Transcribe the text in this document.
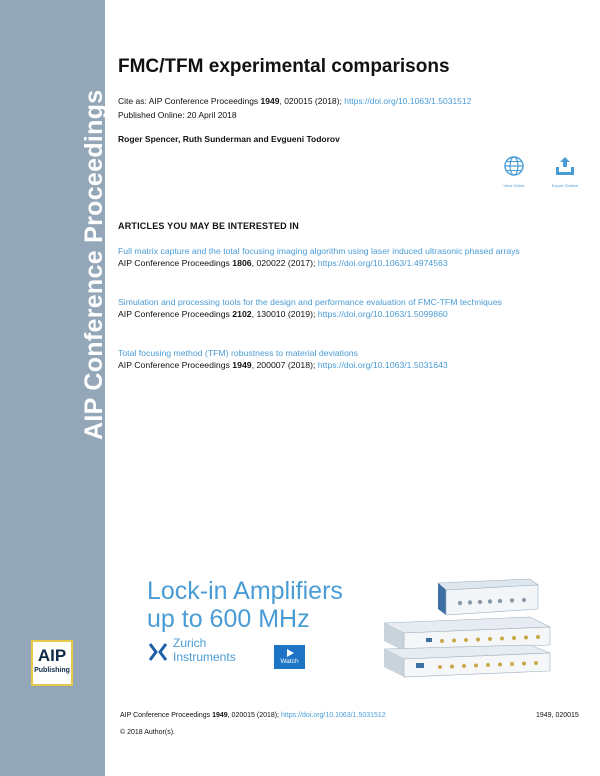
AIP Conference Proceedings
AIP
Publishing
FMC/TFM experimental comparisons
Cite as: AIP Conference Proceedings 1949, 020015 (2018); https://doi.org/10.1063/1.5031512
Published Online: 20 April 2018
Roger Spencer, Ruth Sunderman and Evgueni Todorov
View Online	Export Citation
ARTICLES YOU MAY BE INTERESTED IN
Full matrix capture and the total focusing imaging algorithm using laser induced ultrasonic phased arrays
AIP Conference Proceedings 1806, 020022 (2017); https://doi.org/10.1063/1.4974563
Simulation and processing tools for the design and performance evaluation of FMC-TFM techniques
AIP Conference Proceedings 2102, 130010 (2019); https://doi.org/10.1063/1.5099860
Total focusing method (TFM) robustness to material deviations
AIP Conference Proceedings 1949, 200007 (2018); https://doi.org/10.1063/1.5031643
Lock-in Amplifiers
up to 600 MHz
Zurich
Instruments	Watch
AIP Conference Proceedings 1949, 020015 (2018); https://doi.org/10.1063/1.5031512	1949, 020015
© 2018 Author(s).
